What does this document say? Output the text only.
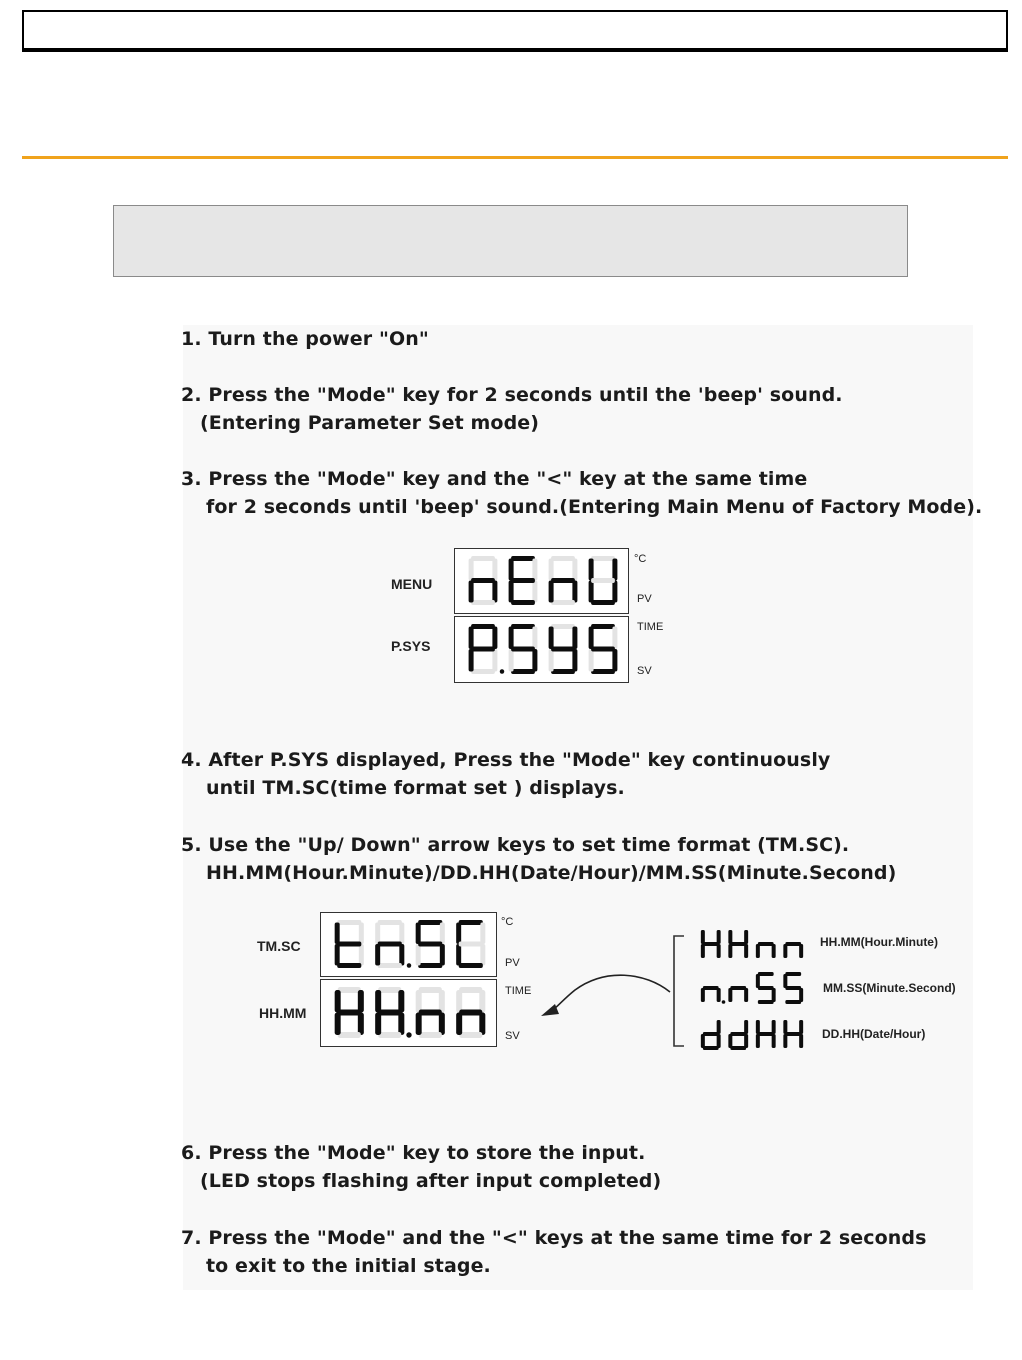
1. Turn the power "On"
2. Press the "Mode" key for 2 seconds until the 'beep' sound.
(Entering Parameter Set mode)
3. Press the "Mode" key and the "<" key at the same time
for 2 seconds until 'beep' sound.(Entering Main Menu of Factory Mode).
4. After P.SYS displayed, Press the "Mode" key continuously
until TM.SC(time format set ) displays.
5. Use the "Up/ Down" arrow keys to set time format (TM.SC).
HH.MM(Hour.Minute)/DD.HH(Date/Hour)/MM.SS(Minute.Second)
6. Press the "Mode" key to store the input.
(LED stops flashing after input completed)
7. Press the "Mode" and the "<" keys at the same time for 2 seconds
to exit to the initial stage.
MENU
P.SYS
°C
PV
TIME
SV
TM.SC
HH.MM
°C
PV
TIME
SV
HH.MM(Hour.Minute)
MM.SS(Minute.Second)
DD.HH(Date/Hour)
